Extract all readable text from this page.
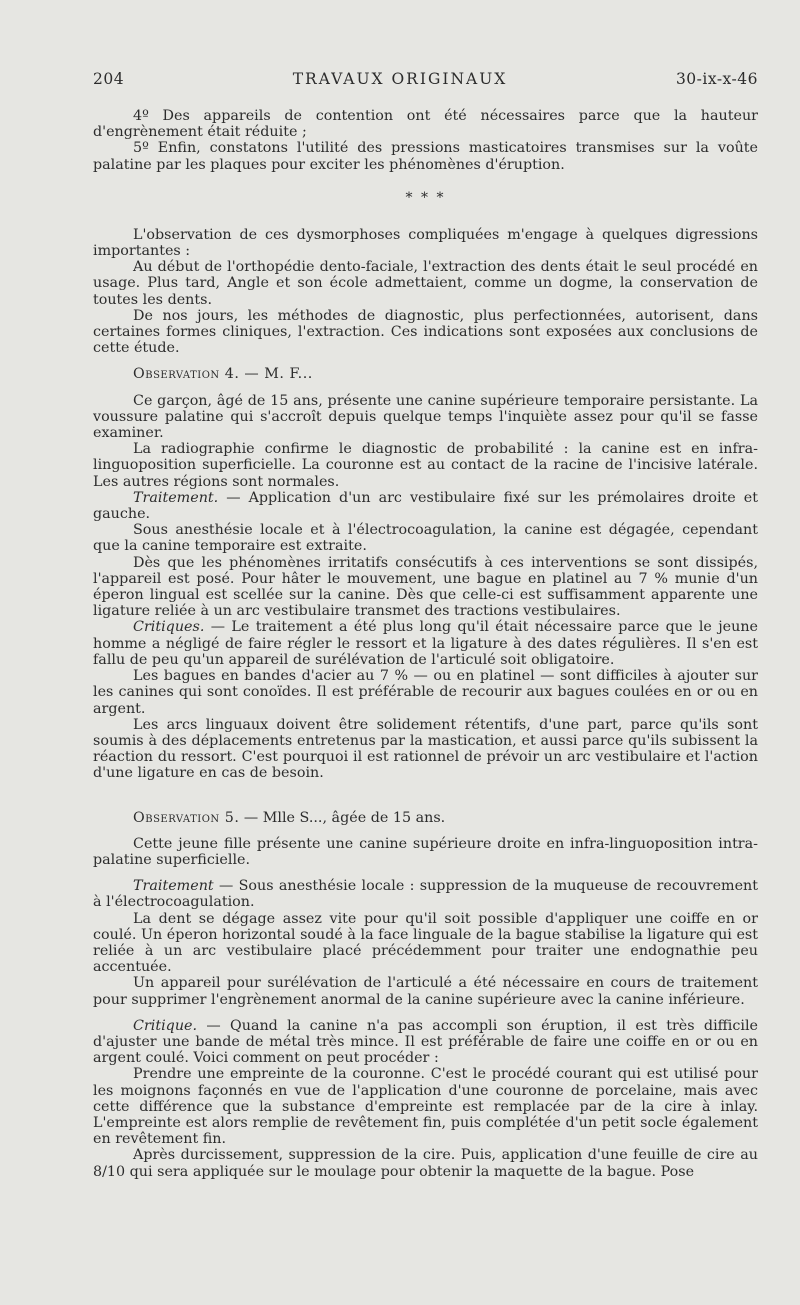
204	TRAVAUX ORIGINAUX	30-ix-x-46

4º Des appareils de contention ont été nécessaires parce que la hauteur d'engrènement était réduite ;

5º Enfin, constatons l'utilité des pressions masticatoires transmises sur la voûte palatine par les plaques pour exciter les phénomènes d'éruption.

* * *

L'observation de ces dysmorphoses compliquées m'engage à quelques digressions importantes :

Au début de l'orthopédie dento-faciale, l'extraction des dents était le seul procédé en usage. Plus tard, Angle et son école admettaient, comme un dogme, la conservation de toutes les dents.

De nos jours, les méthodes de diagnostic, plus perfectionnées, autorisent, dans certaines formes cliniques, l'extraction. Ces indications sont exposées aux conclusions de cette étude.

Observation 4. — M. F...

Ce garçon, âgé de 15 ans, présente une canine supérieure temporaire persistante. La voussure palatine qui s'accroît depuis quelque temps l'inquiète assez pour qu'il se fasse examiner.

La radiographie confirme le diagnostic de probabilité : la canine est en infra-linguoposition superficielle. La couronne est au contact de la racine de l'incisive latérale. Les autres régions sont normales.

Traitement. — Application d'un arc vestibulaire fixé sur les prémolaires droite et gauche.

Sous anesthésie locale et à l'électrocoagulation, la canine est dégagée, cependant que la canine temporaire est extraite.

Dès que les phénomènes irritatifs consécutifs à ces interventions se sont dissipés, l'appareil est posé. Pour hâter le mouvement, une bague en platinel au 7 % munie d'un éperon lingual est scellée sur la canine. Dès que celle-ci est suffisamment apparente une ligature reliée à un arc vestibulaire transmet des tractions vestibulaires.

Critiques. — Le traitement a été plus long qu'il était nécessaire parce que le jeune homme a négligé de faire régler le ressort et la ligature à des dates régulières. Il s'en est fallu de peu qu'un appareil de surélévation de l'articulé soit obligatoire.

Les bagues en bandes d'acier au 7 % — ou en platinel — sont difficiles à ajouter sur les canines qui sont conoïdes. Il est préférable de recourir aux bagues coulées en or ou en argent.

Les arcs linguaux doivent être solidement rétentifs, d'une part, parce qu'ils sont soumis à des déplacements entretenus par la mastication, et aussi parce qu'ils subissent la réaction du ressort. C'est pourquoi il est rationnel de prévoir un arc vestibulaire et l'action d'une ligature en cas de besoin.

Observation 5. — Mlle S..., âgée de 15 ans.

Cette jeune fille présente une canine supérieure droite en infra-linguoposition intra-palatine superficielle.

Traitement — Sous anesthésie locale : suppression de la muqueuse de recouvrement à l'électrocoagulation.

La dent se dégage assez vite pour qu'il soit possible d'appliquer une coiffe en or coulé. Un éperon horizontal soudé à la face linguale de la bague stabilise la ligature qui est reliée à un arc vestibulaire placé précédemment pour traiter une endognathie peu accentuée.

Un appareil pour surélévation de l'articulé a été nécessaire en cours de traitement pour supprimer l'engrènement anormal de la canine supérieure avec la canine inférieure.

Critique. — Quand la canine n'a pas accompli son éruption, il est très difficile d'ajuster une bande de métal très mince. Il est préférable de faire une coiffe en or ou en argent coulé. Voici comment on peut procéder :

Prendre une empreinte de la couronne. C'est le procédé courant qui est utilisé pour les moignons façonnés en vue de l'application d'une couronne de porcelaine, mais avec cette différence que la substance d'empreinte est remplacée par de la cire à inlay. L'empreinte est alors remplie de revêtement fin, puis complétée d'un petit socle également en revêtement fin.

Après durcissement, suppression de la cire. Puis, application d'une feuille de cire au 8/10 qui sera appliquée sur le moulage pour obtenir la maquette de la bague. Pose
